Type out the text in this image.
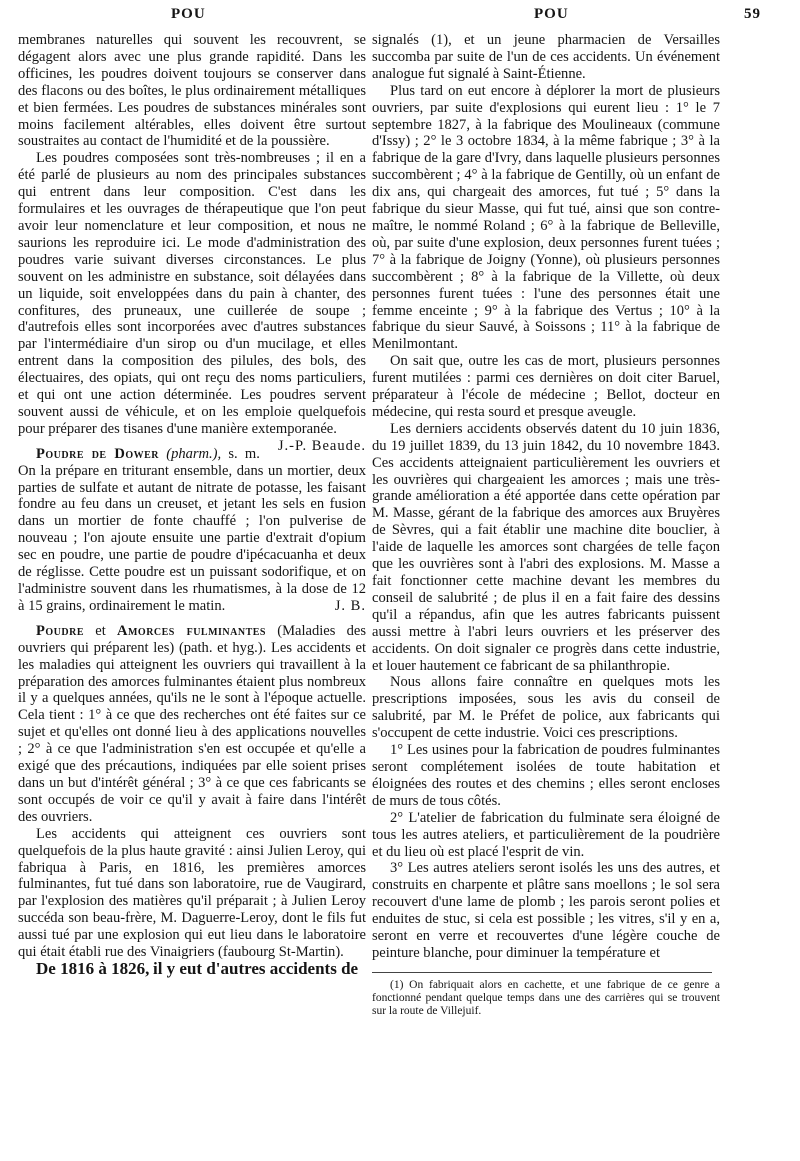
POU	POU	59

membranes naturelles qui souvent les recouvrent, se dégagent alors avec une plus grande rapidité. Dans les officines, les poudres doivent toujours se conserver dans des flacons ou des boîtes, le plus ordinairement métalliques et bien fermées. Les poudres de substances minérales sont moins facilement altérables, elles doivent être surtout soustraites au contact de l'humidité et de la poussière.

Les poudres composées sont très-nombreuses ; il en a été parlé de plusieurs au nom des principales substances qui entrent dans leur composition. C'est dans les formulaires et les ouvrages de thérapeutique que l'on peut avoir leur nomenclature et leur composition, et nous ne saurions les reproduire ici. Le mode d'administration des poudres varie suivant diverses circonstances. Le plus souvent on les administre en substance, soit délayées dans un liquide, soit enveloppées dans du pain à chanter, des confitures, des pruneaux, une cuillerée de soupe ; d'autrefois elles sont incorporées avec d'autres substances par l'intermédiaire d'un sirop ou d'un mucilage, et elles entrent dans la composition des pilules, des bols, des électuaires, des opiats, qui ont reçu des noms particuliers, et qui ont une action déterminée. Les poudres servent souvent aussi de véhicule, et on les emploie quelquefois pour préparer des tisanes d'une manière extemporanée.
J.-P. Beaude.

Poudre de Dower (pharm.), s. m. On la prépare en triturant ensemble, dans un mortier, deux parties de sulfate et autant de nitrate de potasse, les faisant fondre au feu dans un creuset, et jetant les sels en fusion dans un mortier de fonte chauffé ; l'on pulverise de nouveau ; l'on ajoute ensuite une partie d'extrait d'opium sec en poudre, une partie de poudre d'ipécacuanha et deux de réglisse. Cette poudre est un puissant sodorifique, et on l'administre souvent dans les rhumatismes, à la dose de 12 à 15 grains, ordinairement le matin.	J. B.

Poudre et Amorces fulminantes (Maladies des ouvriers qui préparent les) (path. et hyg.). Les accidents et les maladies qui atteignent les ouvriers qui travaillent à la préparation des amorces fulminantes étaient plus nombreux il y a quelques années, qu'ils ne le sont à l'époque actuelle. Cela tient : 1° à ce que des recherches ont été faites sur ce sujet et qu'elles ont donné lieu à des applications nouvelles ; 2° à ce que l'administration s'en est occupée et qu'elle a exigé que des précautions, indiquées par elle soient prises dans un but d'intérêt général ; 3° à ce que ces fabricants se sont occupés de voir ce qu'il y avait à faire dans l'intérêt des ouvriers.

Les accidents qui atteignent ces ouvriers sont quelquefois de la plus haute gravité : ainsi Julien Leroy, qui fabriqua à Paris, en 1816, les premières amorces fulminantes, fut tué dans son laboratoire, rue de Vaugirard, par l'explosion des matières qu'il préparait ; à Julien Leroy succéda son beau-frère, M. Daguerre-Leroy, dont le fils fut aussi tué par une explosion qui eut lieu dans le laboratoire qui était établi rue des Vinaigriers (faubourg St-Martin).

De 1816 à 1826, il y eut d'autres accidents de

signalés (1), et un jeune pharmacien de Versailles succomba par suite de l'un de ces accidents. Un événement analogue fut signalé à Saint-Étienne.

Plus tard on eut encore à déplorer la mort de plusieurs ouvriers, par suite d'explosions qui eurent lieu : 1° le 7 septembre 1827, à la fabrique des Moulineaux (commune d'Issy) ; 2° le 3 octobre 1834, à la même fabrique ; 3° à la fabrique de la gare d'Ivry, dans laquelle plusieurs personnes succombèrent ; 4° à la fabrique de Gentilly, où un enfant de dix ans, qui chargeait des amorces, fut tué ; 5° dans la fabrique du sieur Masse, qui fut tué, ainsi que son contre-maître, le nommé Roland ; 6° à la fabrique de Belleville, où, par suite d'une explosion, deux personnes furent tuées ; 7° à la fabrique de Joigny (Yonne), où plusieurs personnes succombèrent ; 8° à la fabrique de la Villette, où deux personnes furent tuées : l'une des personnes était une femme enceinte ; 9° à la fabrique des Vertus ; 10° à la fabrique du sieur Sauvé, à Soissons ; 11° à la fabrique de Menilmontant.

On sait que, outre les cas de mort, plusieurs personnes furent mutilées : parmi ces dernières on doit citer Baruel, préparateur à l'école de médecine ; Bellot, docteur en médecine, qui resta sourd et presque aveugle.

Les derniers accidents observés datent du 10 juin 1836, du 19 juillet 1839, du 13 juin 1842, du 10 novembre 1843. Ces accidents atteignaient particulièrement les ouvriers et les ouvrières qui chargeaient les amorces ; mais une très-grande amélioration a été apportée dans cette opération par M. Masse, gérant de la fabrique des amorces aux Bruyères de Sèvres, qui a fait établir une machine dite bouclier, à l'aide de laquelle les amorces sont chargées de telle façon que les ouvrières sont à l'abri des explosions. M. Masse a fait fonctionner cette machine devant les membres du conseil de salubrité ; de plus il en a fait faire des dessins qu'il a répandus, afin que les autres fabricants puissent aussi mettre à l'abri leurs ouvriers et les préserver des accidents. On doit signaler ce progrès dans cette industrie, et louer hautement ce fabricant de sa philanthropie.

Nous allons faire connaître en quelques mots les prescriptions imposées, sous les avis du conseil de salubrité, par M. le Préfet de police, aux fabricants qui s'occupent de cette industrie. Voici ces prescriptions.

1° Les usines pour la fabrication de poudres fulminantes seront complétement isolées de toute habitation et éloignées des routes et des chemins ; elles seront encloses de murs de tous côtés.

2° L'atelier de fabrication du fulminate sera éloigné de tous les autres ateliers, et particulièrement de la poudrière et du lieu où est placé l'esprit de vin.

3° Les autres ateliers seront isolés les uns des autres, et construits en charpente et plâtre sans moellons ; le sol sera recouvert d'une lame de plomb ; les parois seront polies et enduites de stuc, si cela est possible ; les vitres, s'il y en a, seront en verre et recouvertes d'une légère couche de peinture blanche, pour diminuer la température et

(1) On fabriquait alors en cachette, et une fabrique de ce genre a fonctionné pendant quelque temps dans une des carrières qui se trouvent sur la route de Villejuif.
